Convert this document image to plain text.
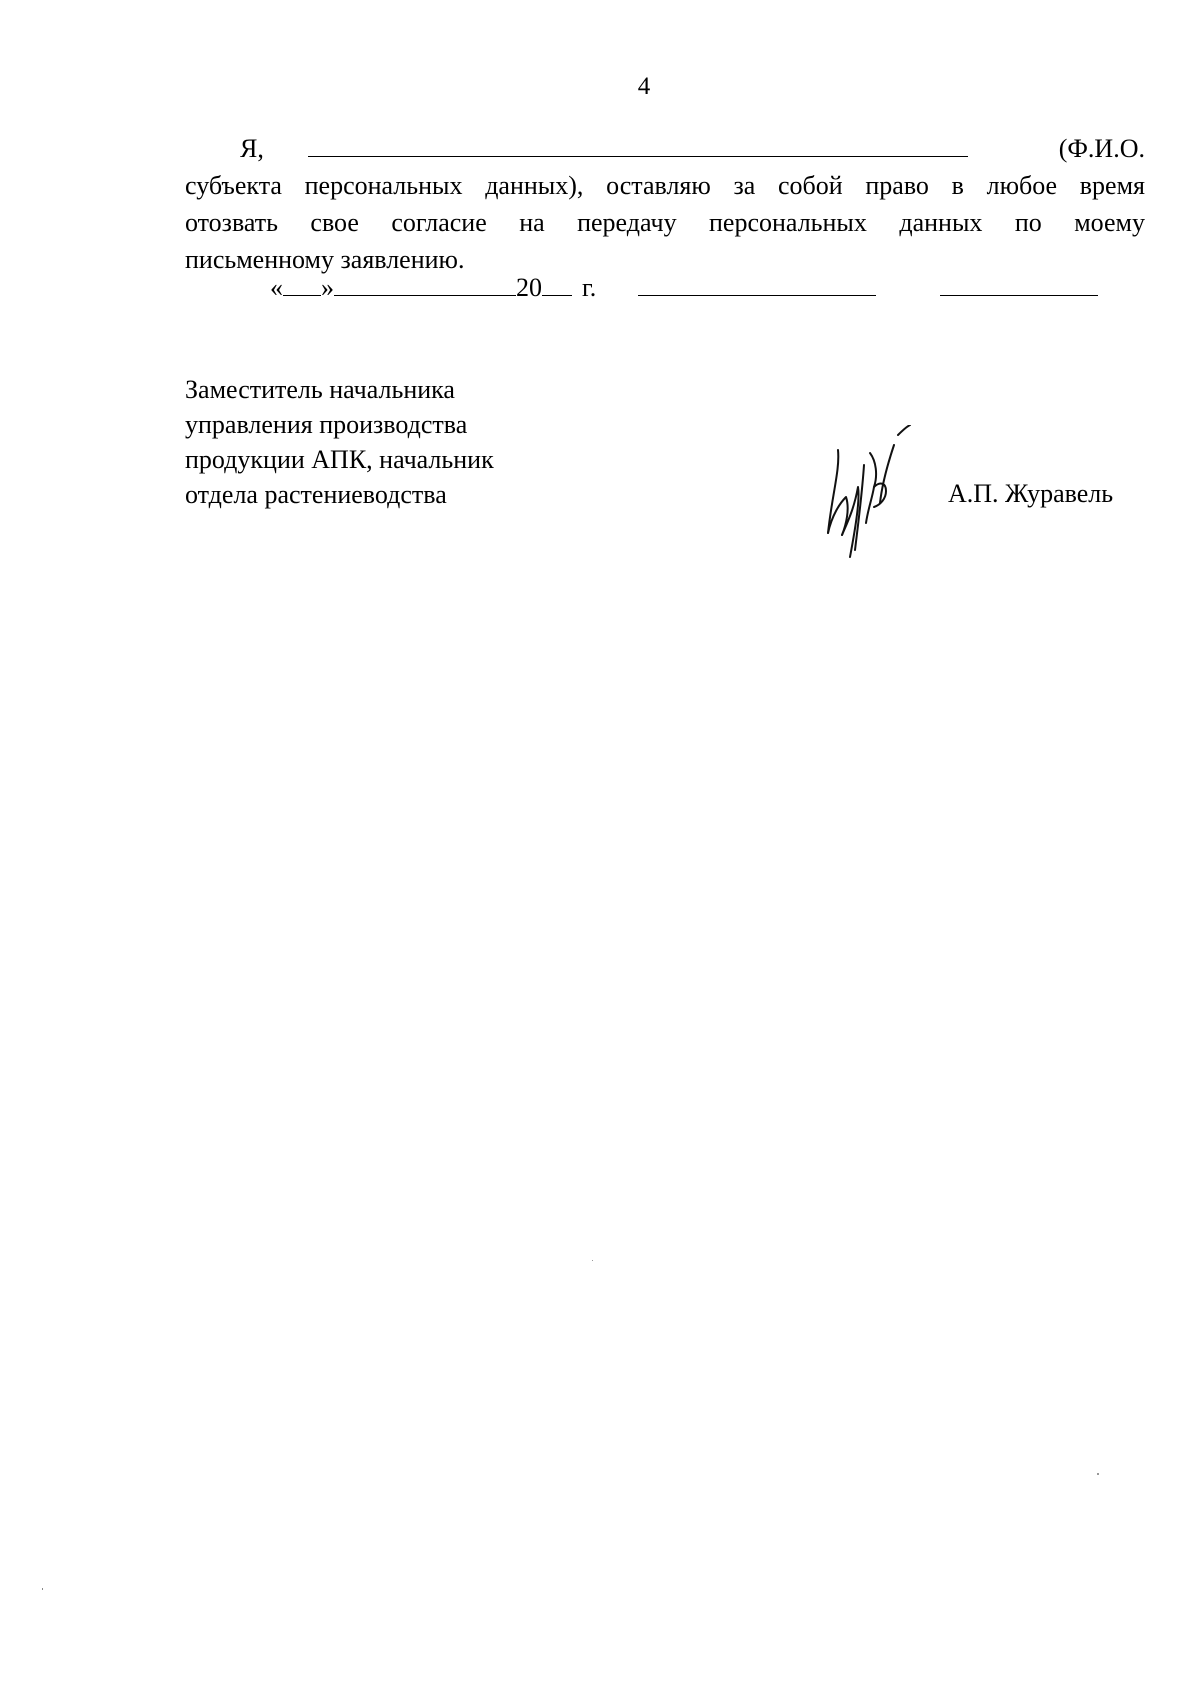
4
Я,	(Ф.И.О.
субъекта персональных данных), оставляю за собой право в любое время
отозвать свое согласие на передачу персональных данных по моему
письменному заявлению.
« »	20 г.
Заместитель начальника
управления производства
продукции АПК, начальник
отдела растениеводства	А.П. Журавель
